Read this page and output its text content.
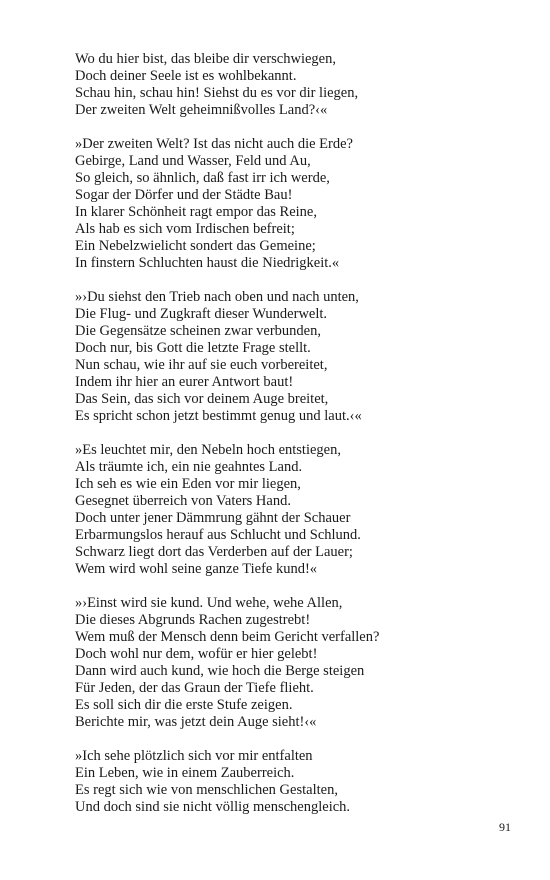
Wo du hier bist, das bleibe dir verschwiegen,
Doch deiner Seele ist es wohlbekannt.
Schau hin, schau hin! Siehst du es vor dir liegen,
Der zweiten Welt geheimnißvolles Land?‹«
»Der zweiten Welt? Ist das nicht auch die Erde?
Gebirge, Land und Wasser, Feld und Au,
So gleich, so ähnlich, daß fast irr ich werde,
Sogar der Dörfer und der Städte Bau!
In klarer Schönheit ragt empor das Reine,
Als hab es sich vom Irdischen befreit;
Ein Nebelzwielicht sondert das Gemeine;
In finstern Schluchten haust die Niedrigkeit.«
»›Du siehst den Trieb nach oben und nach unten,
Die Flug- und Zugkraft dieser Wunderwelt.
Die Gegensätze scheinen zwar verbunden,
Doch nur, bis Gott die letzte Frage stellt.
Nun schau, wie ihr auf sie euch vorbereitet,
Indem ihr hier an eurer Antwort baut!
Das Sein, das sich vor deinem Auge breitet,
Es spricht schon jetzt bestimmt genug und laut.‹«
»Es leuchtet mir, den Nebeln hoch entstiegen,
Als träumte ich, ein nie geahntes Land.
Ich seh es wie ein Eden vor mir liegen,
Gesegnet überreich von Vaters Hand.
Doch unter jener Dämmrung gähnt der Schauer
Erbarmungslos herauf aus Schlucht und Schlund.
Schwarz liegt dort das Verderben auf der Lauer;
Wem wird wohl seine ganze Tiefe kund!«
»›Einst wird sie kund. Und wehe, wehe Allen,
Die dieses Abgrunds Rachen zugestrebt!
Wem muß der Mensch denn beim Gericht verfallen?
Doch wohl nur dem, wofür er hier gelebt!
Dann wird auch kund, wie hoch die Berge steigen
Für Jeden, der das Graun der Tiefe flieht.
Es soll sich dir die erste Stufe zeigen.
Berichte mir, was jetzt dein Auge sieht!‹«
»Ich sehe plötzlich sich vor mir entfalten
Ein Leben, wie in einem Zauberreich.
Es regt sich wie von menschlichen Gestalten,
Und doch sind sie nicht völlig menschengleich.
91
